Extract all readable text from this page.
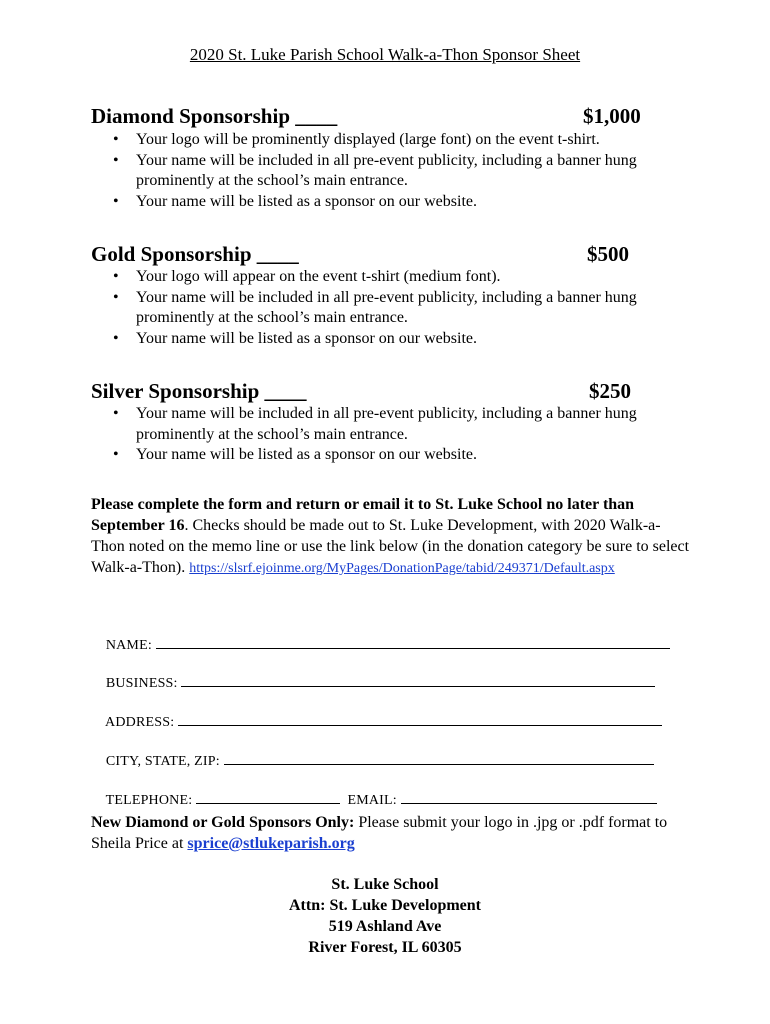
2020 St. Luke Parish School Walk-a-Thon Sponsor Sheet
Diamond Sponsorship ____	$1,000
• Your logo will be prominently displayed (large font) on the event t-shirt.
• Your name will be included in all pre-event publicity, including a banner hung prominently at the school’s main entrance.
• Your name will be listed as a sponsor on our website.
Gold Sponsorship ____	$500
• Your logo will appear on the event t-shirt (medium font).
• Your name will be included in all pre-event publicity, including a banner hung prominently at the school’s main entrance.
• Your name will be listed as a sponsor on our website.
Silver Sponsorship ____	$250
• Your name will be included in all pre-event publicity, including a banner hung prominently at the school’s main entrance.
• Your name will be listed as a sponsor on our website.
Please complete the form and return or email it to St. Luke School no later than September 16. Checks should be made out to St. Luke Development, with 2020 Walk-a-Thon noted on the memo line or use the link below (in the donation category be sure to select Walk-a-Thon). https://slsrf.ejoinme.org/MyPages/DonationPage/tabid/249371/Default.aspx

NAME:

BUSINESS:

ADDRESS:

CITY, STATE, ZIP:

TELEPHONE:	EMAIL:

New Diamond or Gold Sponsors Only: Please submit your logo in .jpg or .pdf format to Sheila Price at sprice@stlukeparish.org
St. Luke School
Attn: St. Luke Development
519 Ashland Ave
River Forest, IL 60305
